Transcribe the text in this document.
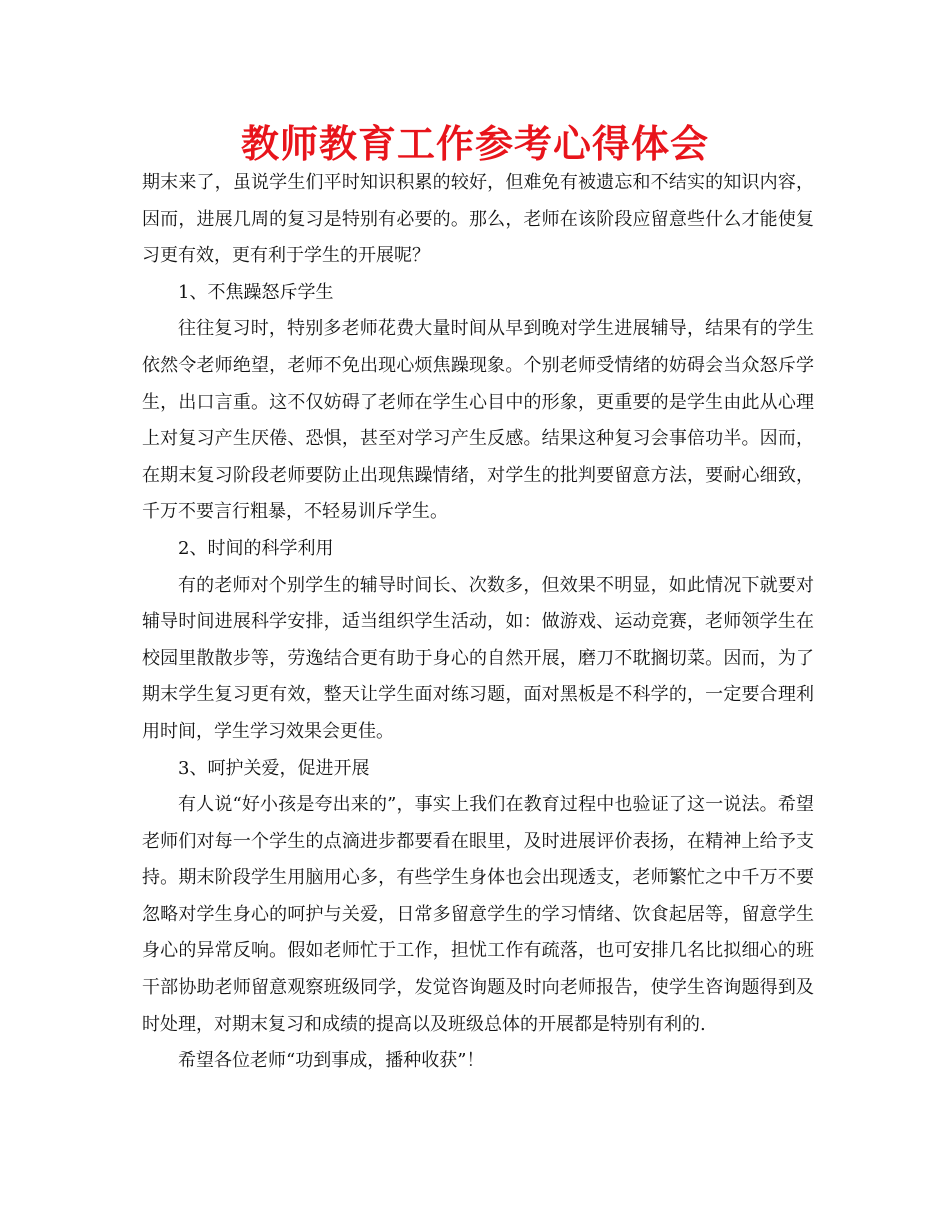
教师教育工作参考心得体会

期末来了，虽说学生们平时知识积累的较好，但难免有被遗忘和不结实的知识内容，因而，进展几周的复习是特别有必要的。那么，老师在该阶段应留意些什么才能使复习更有效，更有利于学生的开展呢？

1、不焦躁怒斥学生

往往复习时，特别多老师花费大量时间从早到晚对学生进展辅导，结果有的学生依然令老师绝望，老师不免出现心烦焦躁现象。个别老师受情绪的妨碍会当众怒斥学生，出口言重。这不仅妨碍了老师在学生心目中的形象，更重要的是学生由此从心理上对复习产生厌倦、恐惧，甚至对学习产生反感。结果这种复习会事倍功半。因而，在期末复习阶段老师要防止出现焦躁情绪，对学生的批判要留意方法，要耐心细致，千万不要言行粗暴，不轻易训斥学生。

2、时间的科学利用

有的老师对个别学生的辅导时间长、次数多，但效果不明显，如此情况下就要对辅导时间进展科学安排，适当组织学生活动，如：做游戏、运动竞赛，老师领学生在校园里散散步等，劳逸结合更有助于身心的自然开展，磨刀不耽搁切菜。因而，为了期末学生复习更有效，整天让学生面对练习题，面对黑板是不科学的，一定要合理利用时间，学生学习效果会更佳。

3、呵护关爱，促进开展

有人说“好小孩是夸出来的”，事实上我们在教育过程中也验证了这一说法。希望老师们对每一个学生的点滴进步都要看在眼里，及时进展评价表扬，在精神上给予支持。期末阶段学生用脑用心多，有些学生身体也会出现透支，老师繁忙之中千万不要忽略对学生身心的呵护与关爱，日常多留意学生的学习情绪、饮食起居等，留意学生身心的异常反响。假如老师忙于工作，担忧工作有疏落，也可安排几名比拟细心的班干部协助老师留意观察班级同学，发觉咨询题及时向老师报告，使学生咨询题得到及时处理，对期末复习和成绩的提高以及班级总体的开展都是特别有利的.

希望各位老师“功到事成，播种收获”！
